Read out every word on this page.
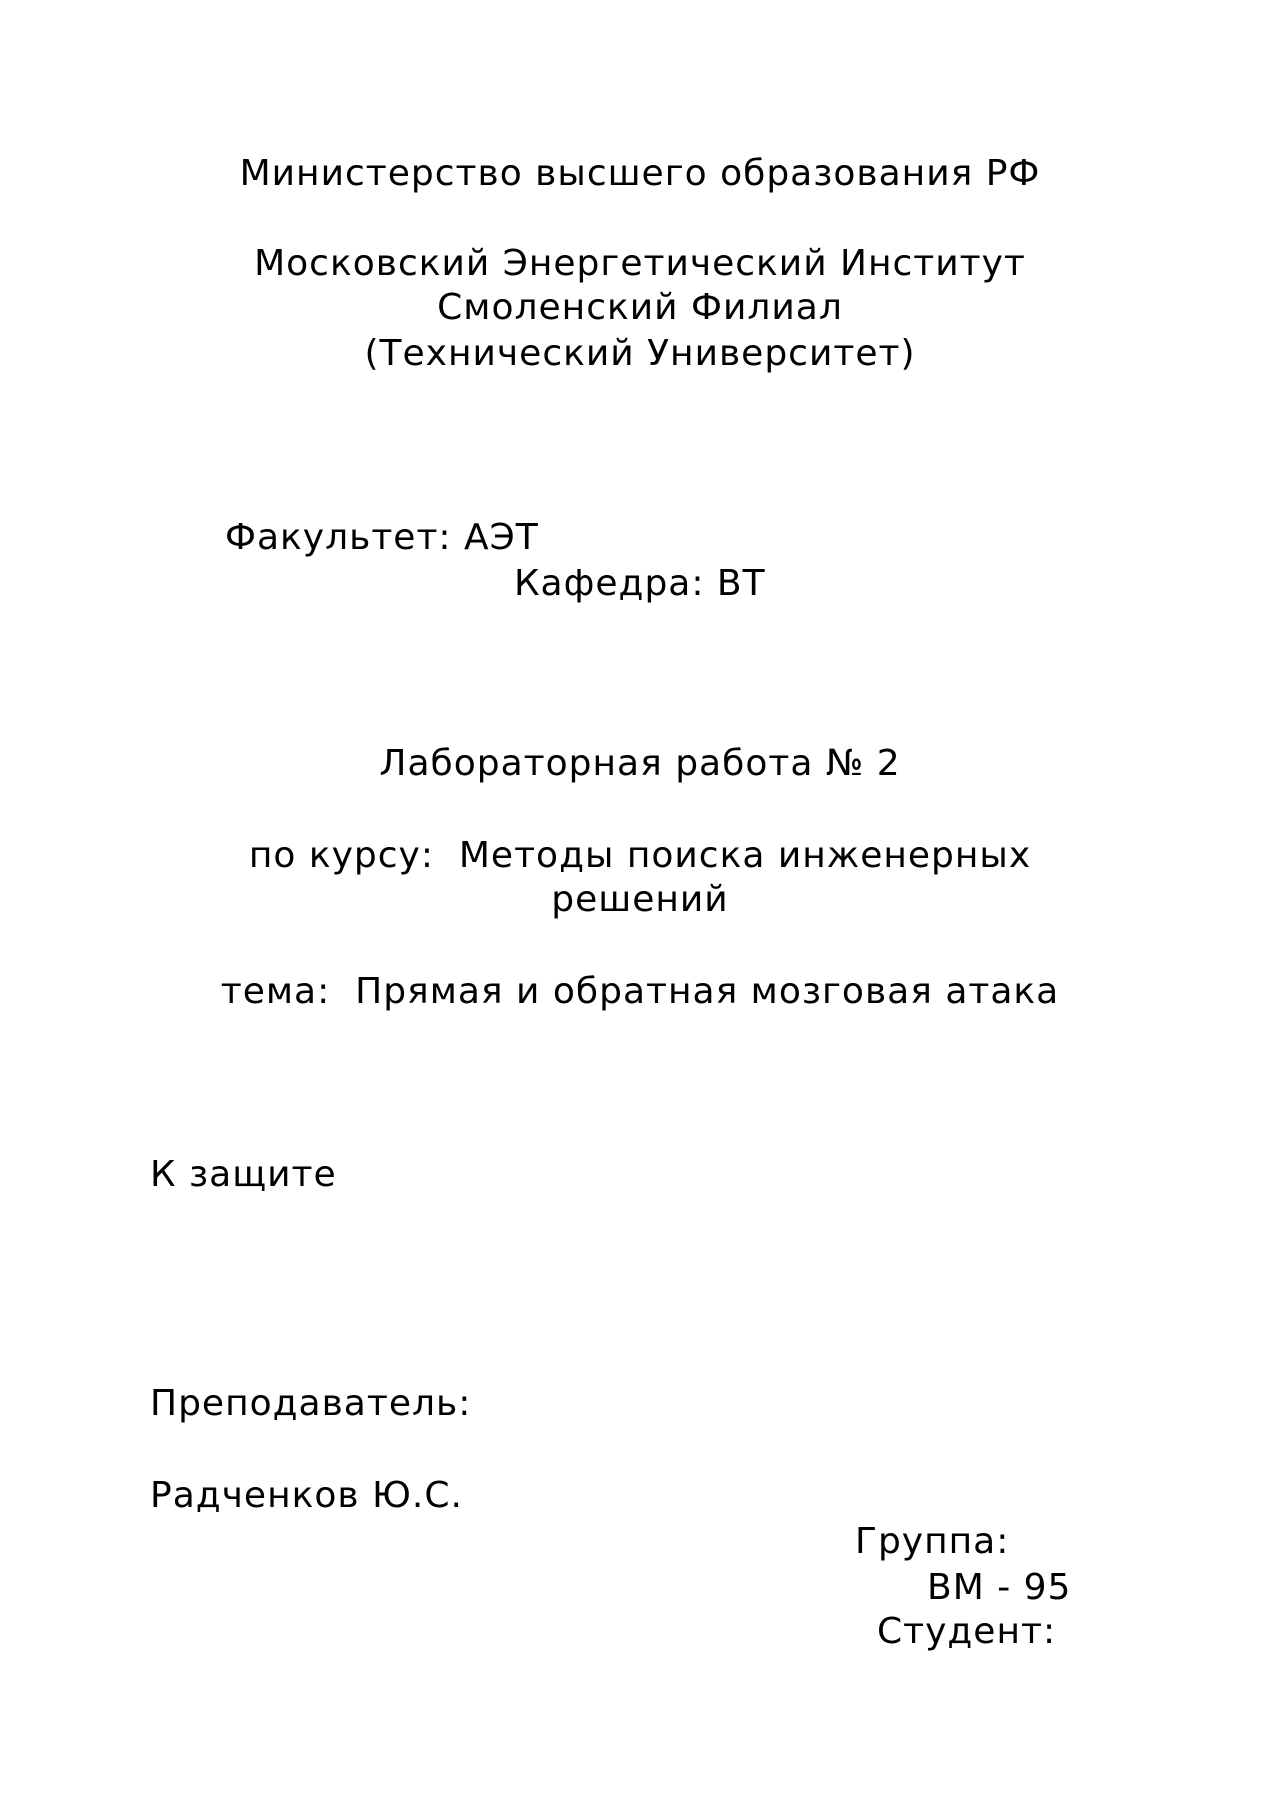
Министерство высшего образования РФ
Московский Энергетический Институт
Смоленский Филиал
(Технический Университет)
Факультет: АЭТ
Кафедра: ВТ
Лабораторная работа № 2
по курсу:  Методы поиска инженерных
решений
тема:  Прямая и обратная мозговая атака
К защите
Преподаватель:
Радченков Ю.С.
Группа:
ВМ - 95
Студент:
